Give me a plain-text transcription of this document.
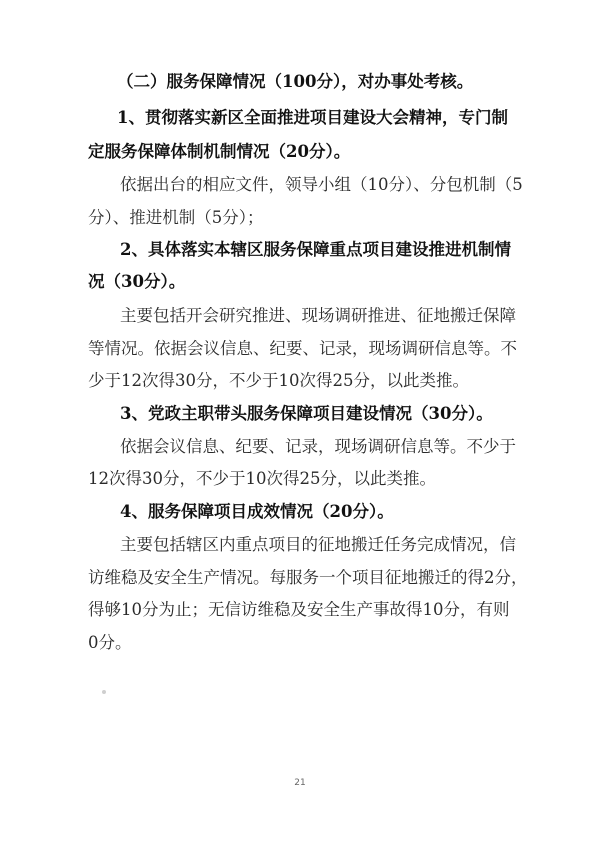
（二）服务保障情况（100分），对办事处考核。
1、贯彻落实新区全面推进项目建设大会精神，专门制
定服务保障体制机制情况（20分）。
依据出台的相应文件，领导小组（10分）、分包机制（5
分）、推进机制（5分）；
2、具体落实本辖区服务保障重点项目建设推进机制情
况（30分）。
主要包括开会研究推进、现场调研推进、征地搬迁保障
等情况。依据会议信息、纪要、记录，现场调研信息等。不
少于12次得30分，不少于10次得25分，以此类推。
3、党政主职带头服务保障项目建设情况（30分）。
依据会议信息、纪要、记录，现场调研信息等。不少于
12次得30分，不少于10次得25分，以此类推。
4、服务保障项目成效情况（20分）。
主要包括辖区内重点项目的征地搬迁任务完成情况，信
访维稳及安全生产情况。每服务一个项目征地搬迁的得2分，
得够10分为止；无信访维稳及安全生产事故得10分，有则
0分。
21
